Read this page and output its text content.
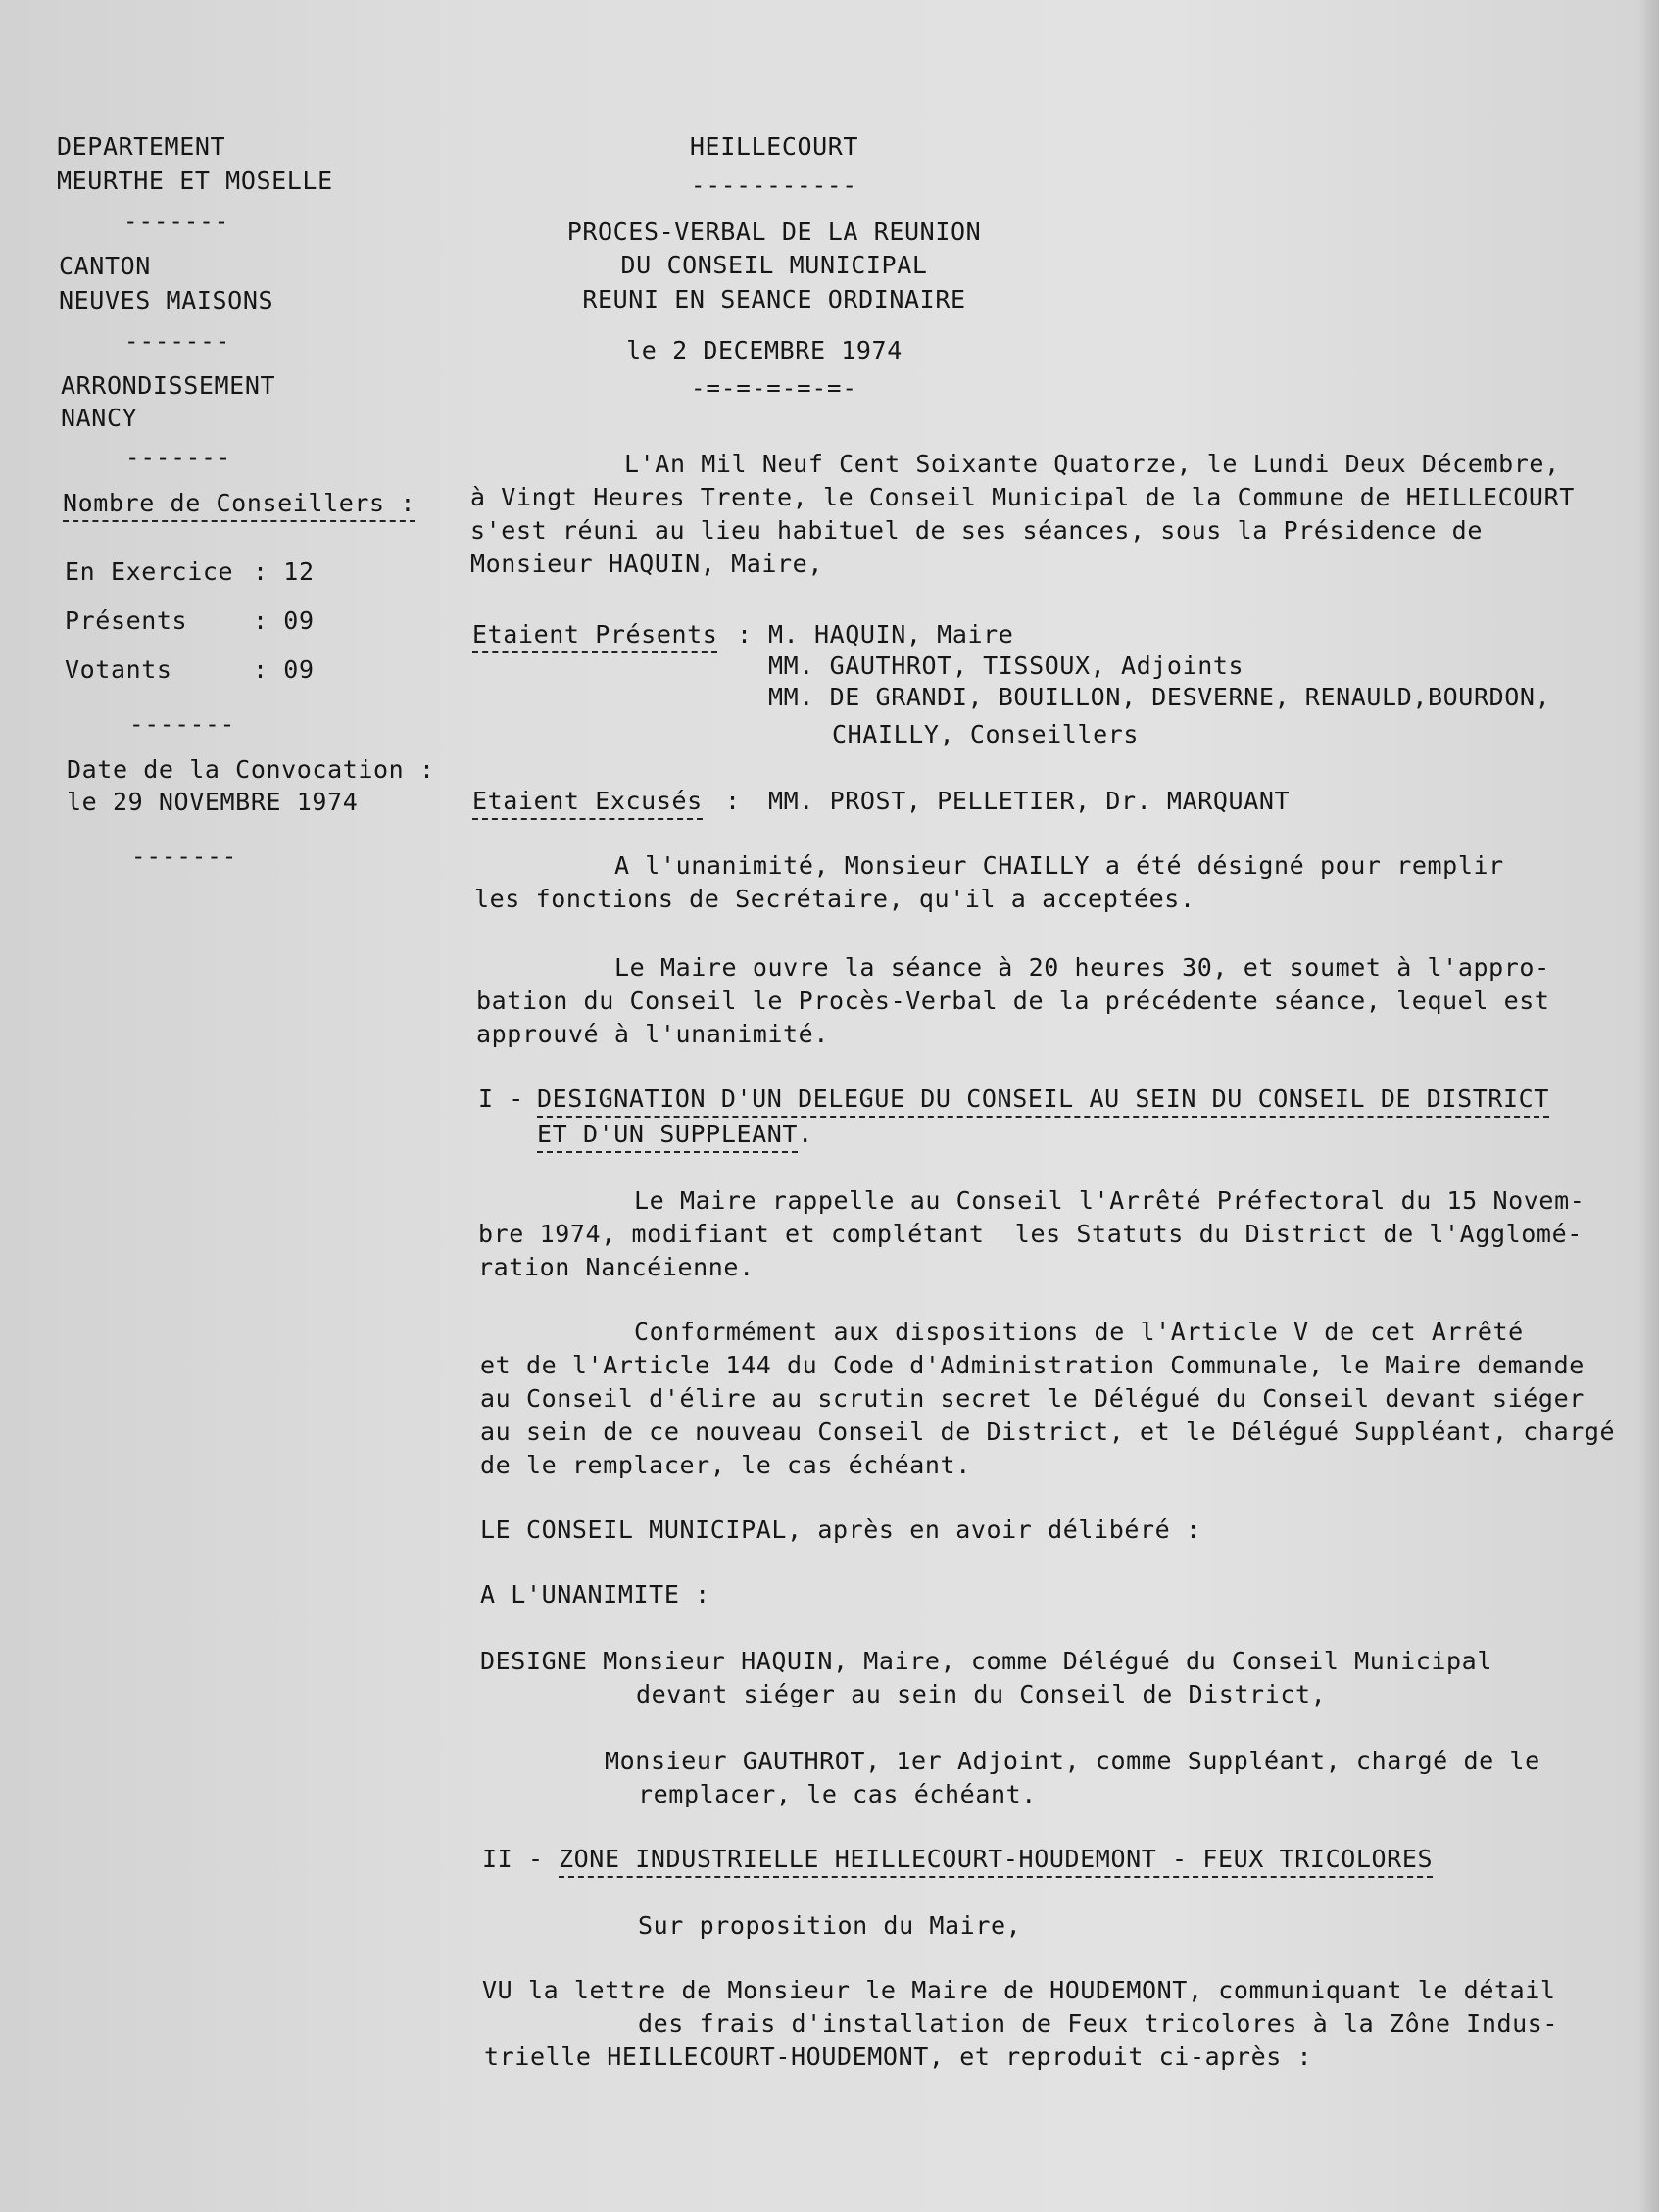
DEPARTEMENT
MEURTHE ET MOSELLE
-------
CANTON
NEUVES MAISONS
-------
ARRONDISSEMENT
NANCY
-------
Nombre de Conseillers :
En Exercice : 12
Présents	: 09
Votants	: 09
-------
Date de la Convocation :
le 29 NOVEMBRE 1974
-------
HEILLECOURT
-----------
PROCES-VERBAL DE LA REUNION
DU CONSEIL MUNICIPAL
REUNI EN SEANCE ORDINAIRE
le 2 DECEMBRE 1974
-=-=-=-=-=-
L'An Mil Neuf Cent Soixante Quatorze, le Lundi Deux Décembre,
à Vingt Heures Trente, le Conseil Municipal de la Commune de HEILLECOURT
s'est réuni au lieu habituel de ses séances, sous la Présidence de
Monsieur HAQUIN, Maire,
Etaient Présents : M. HAQUIN, Maire
MM. GAUTHROT, TISSOUX, Adjoints
MM. DE GRANDI, BOUILLON, DESVERNE, RENAULD,BOURDON,
CHAILLY, Conseillers
Etaient Excusés : MM. PROST, PELLETIER, Dr. MARQUANT
A l'unanimité, Monsieur CHAILLY a été désigné pour remplir
les fonctions de Secrétaire, qu'il a acceptées.
Le Maire ouvre la séance à 20 heures 30, et soumet à l'appro-
bation du Conseil le Procès-Verbal de la précédente séance, lequel est
approuvé à l'unanimité.
I - DESIGNATION D'UN DELEGUE DU CONSEIL AU SEIN DU CONSEIL DE DISTRICT
ET D'UN SUPPLEANT.
Le Maire rappelle au Conseil l'Arrêté Préfectoral du 15 Novem-
bre 1974, modifiant et complétant  les Statuts du District de l'Agglomé-
ration Nancéienne.
Conformément aux dispositions de l'Article V de cet Arrêté
et de l'Article 144 du Code d'Administration Communale, le Maire demande
au Conseil d'élire au scrutin secret le Délégué du Conseil devant siéger
au sein de ce nouveau Conseil de District, et le Délégué Suppléant, chargé
de le remplacer, le cas échéant.
LE CONSEIL MUNICIPAL, après en avoir délibéré :
A L'UNANIMITE :
DESIGNE Monsieur HAQUIN, Maire, comme Délégué du Conseil Municipal
devant siéger au sein du Conseil de District,
Monsieur GAUTHROT, 1er Adjoint, comme Suppléant, chargé de le
remplacer, le cas échéant.
II - ZONE INDUSTRIELLE HEILLECOURT-HOUDEMONT - FEUX TRICOLORES
Sur proposition du Maire,
VU la lettre de Monsieur le Maire de HOUDEMONT, communiquant le détail
des frais d'installation de Feux tricolores à la Zône Indus-
trielle HEILLECOURT-HOUDEMONT, et reproduit ci-après :
